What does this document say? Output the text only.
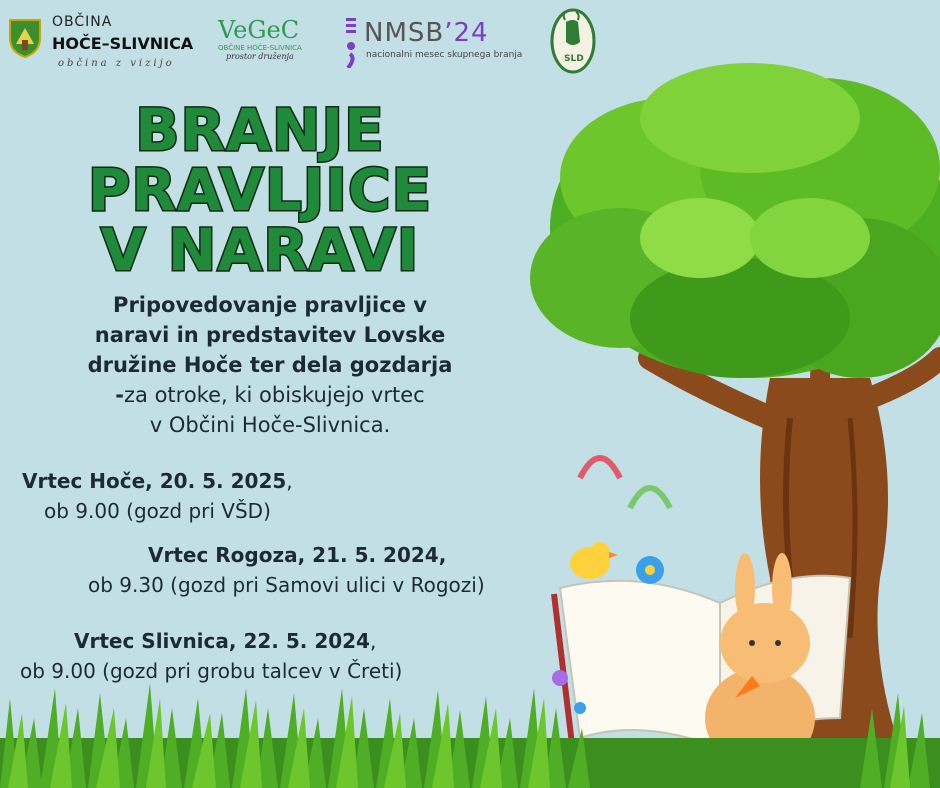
OBČINA
HOČE–SLIVNICA
občina z vizijo
VeGeC
OBČINE HOČE-SLIVNICA
prostor druženja
NMSB’24
nacionalni mesec skupnega branja	SLD
BRANJE
PRAVLJICE
V NARAVI
Pripovedovanje pravljice v
naravi in predstavitev Lovske
družine Hoče ter dela gozdarja
-za otroke, ki obiskujejo vrtec
v Občini Hoče-Slivnica.
Vrtec Hoče, 20. 5. 2025,
ob 9.00 (gozd pri VŠD)
Vrtec Rogoza, 21. 5. 2024,
ob 9.30 (gozd pri Samovi ulici v Rogozi)
Vrtec Slivnica, 22. 5. 2024,
ob 9.00 (gozd pri grobu talcev v Čreti)
